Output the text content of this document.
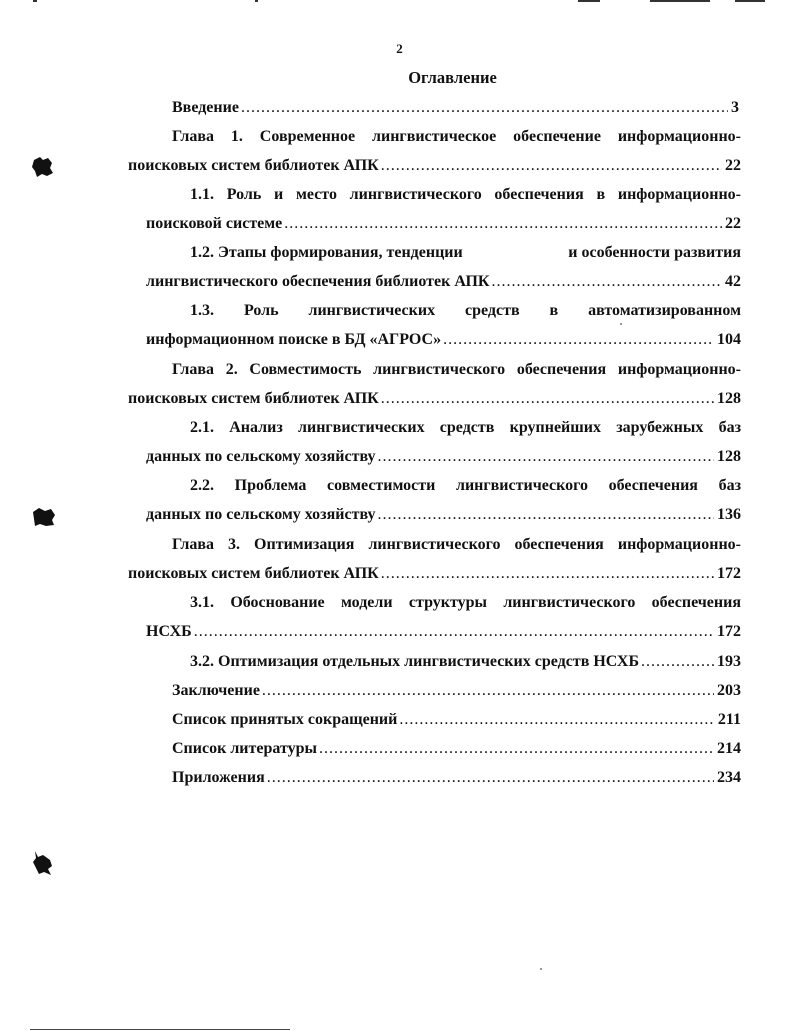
2
Оглавление
Введение .....	3
Глава 1. Современное лингвистическое обеспечение информационно-
поисковых систем библиотек АПК .....	22
1.1. Роль и место лингвистического обеспечения в информационно-
поисковой системе .....	22
1.2. Этапы формирования, тенденции	и особенности развития
лингвистического обеспечения библиотек АПК .....	42
1.3. Роль лингвистических средств в автоматизированном
информационном поиске в БД «АГРОС» .....	104
Глава 2. Совместимость лингвистического обеспечения информационно-
поисковых систем библиотек АПК .....	128
2.1. Анализ лингвистических средств крупнейших зарубежных баз
данных по сельскому хозяйству .....	128
2.2. Проблема совместимости лингвистического обеспечения баз
данных по сельскому хозяйству .....	136
Глава 3. Оптимизация лингвистического обеспечения информационно-
поисковых систем библиотек АПК .....	172
3.1. Обоснование модели структуры лингвистического обеспечения
НСХБ .....	172
3.2. Оптимизация отдельных лингвистических средств НСХБ .....	193
Заключение .....	203
Список принятых сокращений .....	211
Список литературы .....	214
Приложения .....	234
